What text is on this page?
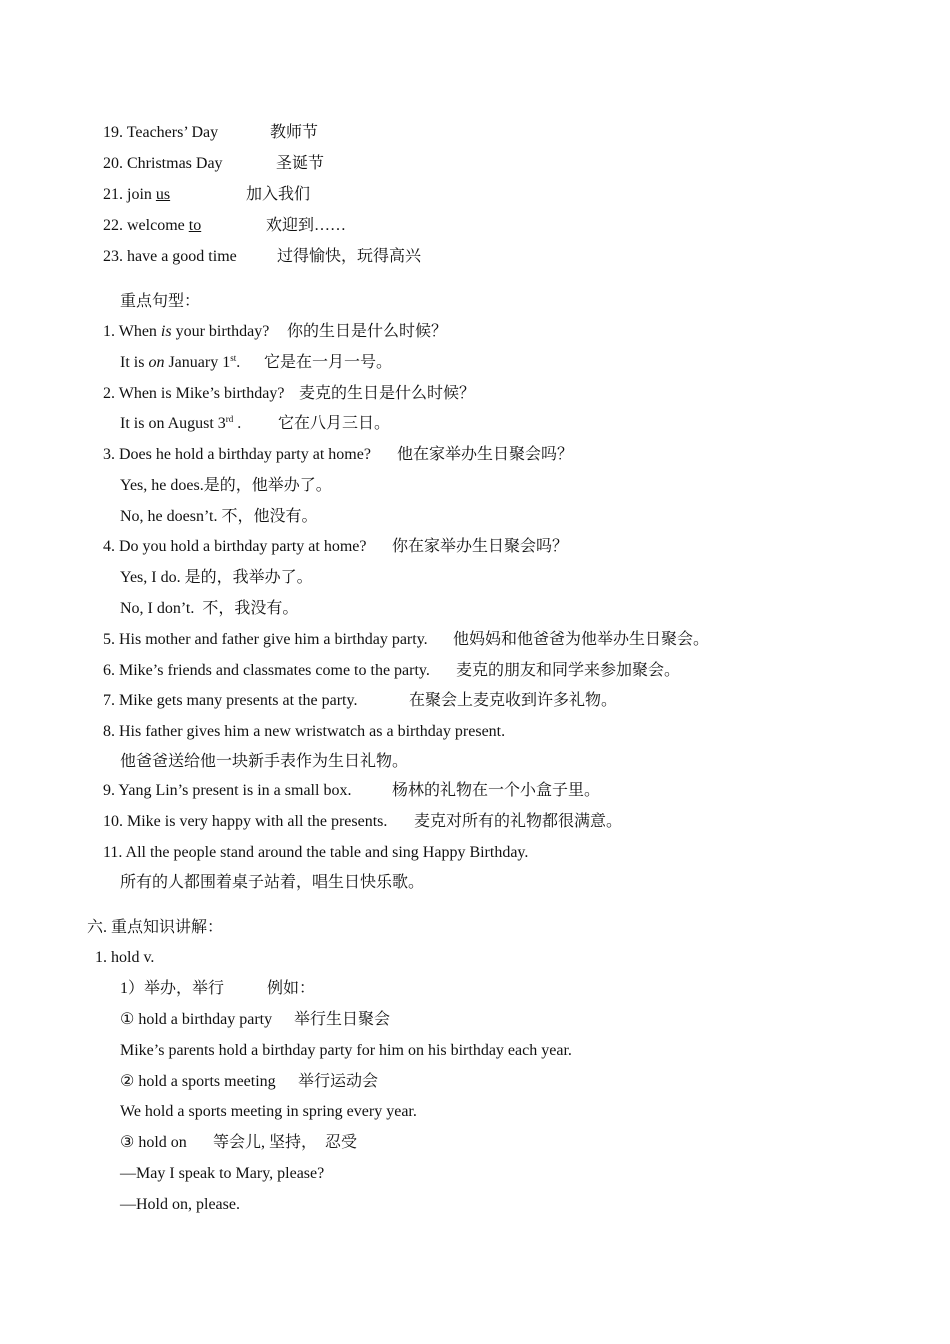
19. Teachers’ Day	教师节
20. Christmas Day	圣诞节
21. join us	加入我们
22. welcome to	欢迎到……
23. have a good time	过得愉快，玩得高兴
重点句型：
1. When is your birthday? 你的生日是什么时候？
It is on January 1st. 它是在一月一号。
2. When is Mike’s birthday? 麦克的生日是什么时候？
It is on August 3rd . 它在八月三日。
3. Does he hold a birthday party at home? 他在家举办生日聚会吗？
Yes, he does.是的，他举办了。
No, he doesn’t. 不，他没有。
4. Do you hold a birthday party at home? 你在家举办生日聚会吗？
Yes, I do. 是的，我举办了。
No, I don’t. 不，我没有。
5. His mother and father give him a birthday party. 他妈妈和他爸爸为他举办生日聚会。
6. Mike’s friends and classmates come to the party. 麦克的朋友和同学来参加聚会。
7. Mike gets many presents at the party.	在聚会上麦克收到许多礼物。
8. His father gives him a new wristwatch as a birthday present.
他爸爸送给他一块新手表作为生日礼物。
9. Yang Lin’s present is in a small box.	杨林的礼物在一个小盒子里。
10. Mike is very happy with all the presents. 麦克对所有的礼物都很满意。
11. All the people stand around the table and sing Happy Birthday.
所有的人都围着桌子站着，唱生日快乐歌。
六. 重点知识讲解：
1. hold v.
1）举办，举行	例如：
① hold a birthday party 举行生日聚会
Mike’s parents hold a birthday party for him on his birthday each year.
② hold a sports meeting 举行运动会
We hold a sports meeting in spring every year.
③ hold on 等会儿, 坚持，  忍受
—May I speak to Mary, please?
—Hold on, please.
